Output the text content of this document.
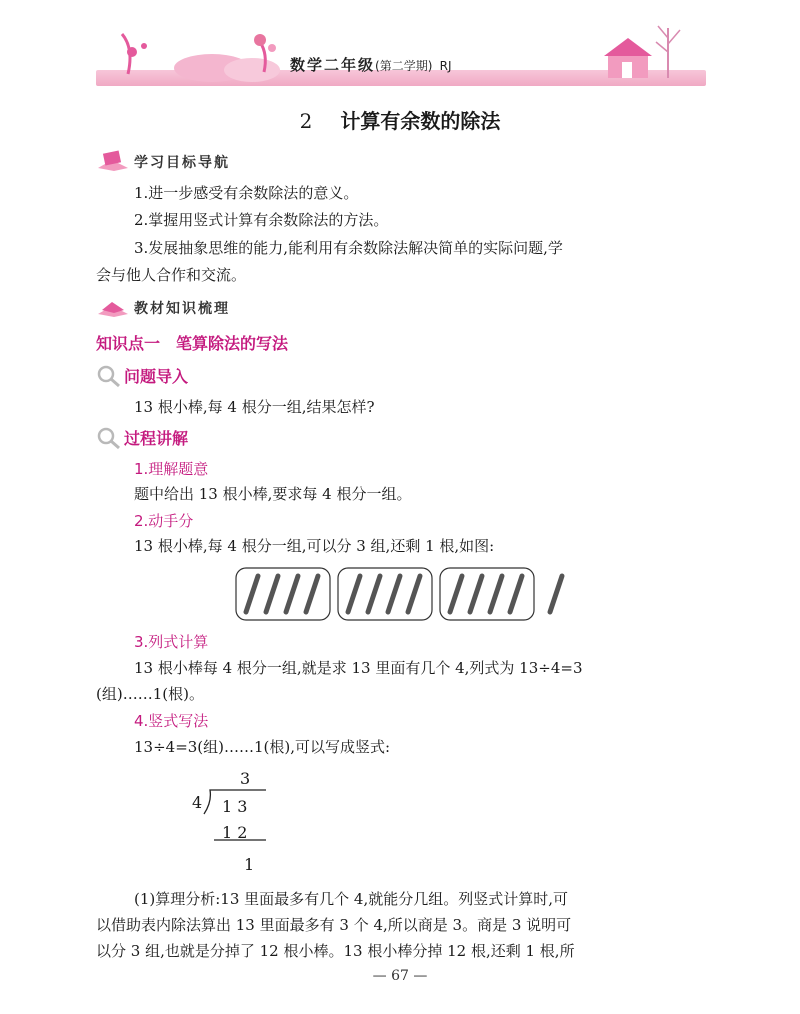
数学二年级(第二学期) RJ
2 计算有余数的除法
学习目标导航
1.进一步感受有余数除法的意义。
2.掌握用竖式计算有余数除法的方法。
3.发展抽象思维的能力,能利用有余数除法解决简单的实际问题,学
会与他人合作和交流。
教材知识梳理
知识点一　笔算除法的写法
问题导入
13 根小棒,每 4 根分一组,结果怎样?
过程讲解
1.理解题意
题中给出 13 根小棒,要求每 4 根分一组。
2.动手分
13 根小棒,每 4 根分一组,可以分 3 组,还剩 1 根,如图:
3.列式计算
13 根小棒每 4 根分一组,就是求 13 里面有几个 4,列式为 13÷4=3
(组)……1(根)。
4.竖式写法
13÷4=3(组)……1(根),可以写成竖式:
3
4 1 3
1 2
1
(1)算理分析:13 里面最多有几个 4,就能分几组。列竖式计算时,可
以借助表内除法算出 13 里面最多有 3 个 4,所以商是 3。商是 3 说明可
以分 3 组,也就是分掉了 12 根小棒。13 根小棒分掉 12 根,还剩 1 根,所
— 67 —
